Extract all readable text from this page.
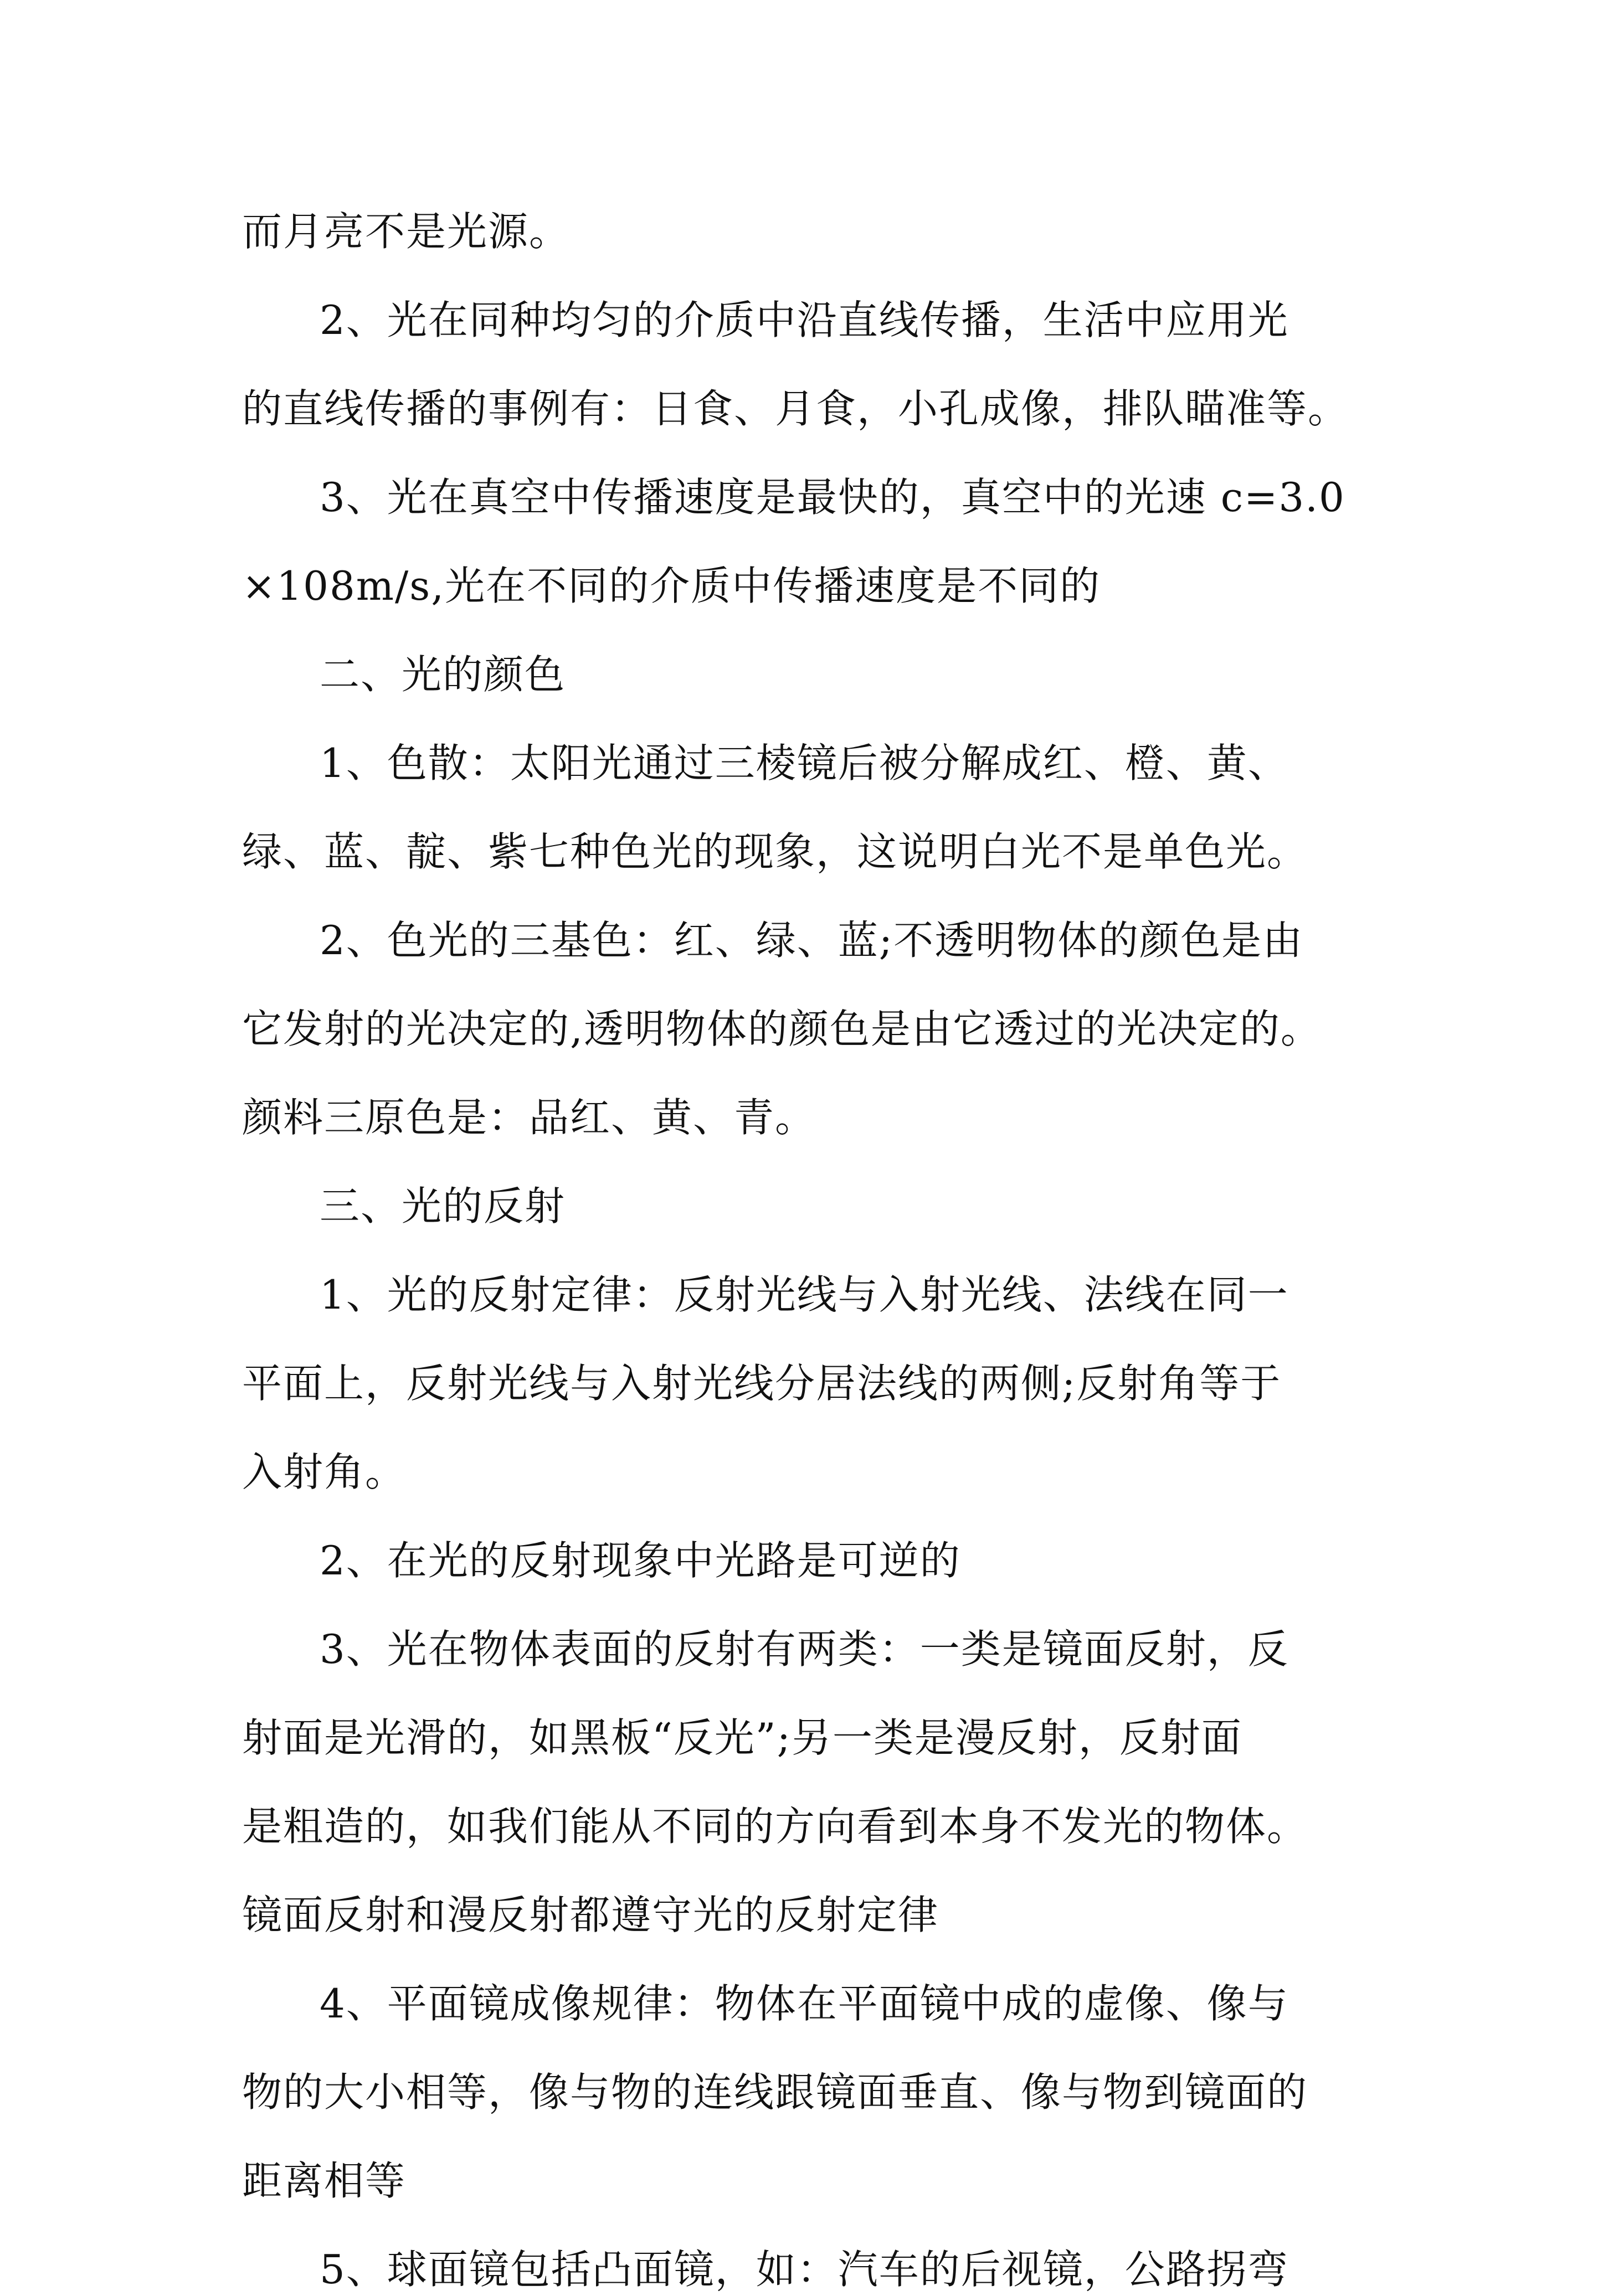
而月亮不是光源。
2、光在同种均匀的介质中沿直线传播，生活中应用光
的直线传播的事例有：日食、月食，小孔成像，排队瞄准等。
3、光在真空中传播速度是最快的，真空中的光速 c=3.0
×108m/s,光在不同的介质中传播速度是不同的
二、光的颜色
1、色散：太阳光通过三棱镜后被分解成红、橙、黄、
绿、蓝、靛、紫七种色光的现象，这说明白光不是单色光。
2、色光的三基色：红、绿、蓝;不透明物体的颜色是由
它发射的光决定的,透明物体的颜色是由它透过的光决定的。
颜料三原色是：品红、黄、青。
三、光的反射
1、光的反射定律：反射光线与入射光线、法线在同一
平面上，反射光线与入射光线分居法线的两侧;反射角等于
入射角。
2、在光的反射现象中光路是可逆的
3、光在物体表面的反射有两类：一类是镜面反射，反
射面是光滑的，如黑板“反光”;另一类是漫反射，反射面
是粗造的，如我们能从不同的方向看到本身不发光的物体。
镜面反射和漫反射都遵守光的反射定律
4、平面镜成像规律：物体在平面镜中成的虚像、像与
物的大小相等，像与物的连线跟镜面垂直、像与物到镜面的
距离相等
5、球面镜包括凸面镜，如：汽车的后视镜，公路拐弯
